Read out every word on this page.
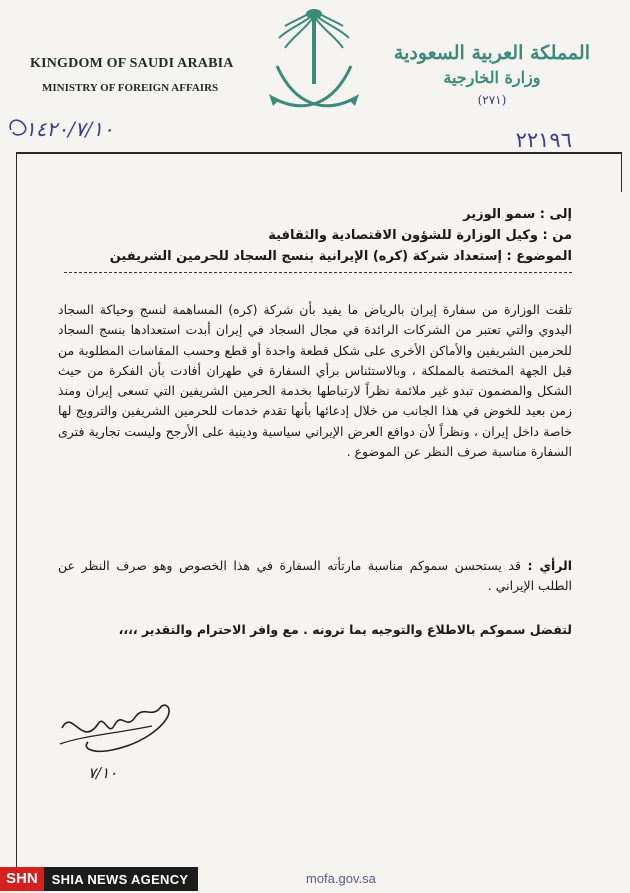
KINGDOM OF SAUDI ARABIA
MINISTRY OF FOREIGN AFFAIRS
المملكة العربية السعودية
وزارة الخارجية
(٢٧١)
٢٢١٩٦
١٤٢٠/٧/١٠
إلى : سمو الوزير
من : وكيل الوزارة للشؤون الاقتصادية والثقافية
الموضوع : إستعداد شركة (كره) الإيرانية بنسج السجاد للحرمين الشريفين
تلقت الوزارة من سفارة إيران بالرياض ما يفيد بأن شركة (كره) المساهمة لنسج وحياكة السجاد اليدوي والتي تعتبر من الشركات الرائدة في مجال السجاد في إيران أبدت استعدادها بنسج السجاد للحرمين الشريفين والأماكن الأخرى على شكل قطعة واحدة أو قطع وحسب المقاسات المطلوبة من قبل الجهة المختصة بالمملكة ، وبالاستئناس برأي السفارة في طهران أفادت بأن الفكرة من حيث الشكل والمضمون تبدو غير ملائمة نظراً لارتباطها بخدمة الحرمين الشريفين التي تسعى إيران ومنذ زمن بعيد للخوض في هذا الجانب من خلال إدعائها بأنها تقدم خدمات للحرمين الشريفين والترويج لها خاصة داخل إيران ، ونظراً لأن دوافع العرض الإيراني سياسية ودينية على الأرجح وليست تجارية فترى السفارة مناسبة صرف النظر عن الموضوع .
الرأي : قد يستحسن سموكم مناسبة مارتأته السفارة في هذا الخصوص وهو صرف النظر عن الطلب الإيراني .
لتفضل سموكم بالاطلاع والتوجيه بما ترونه . مع وافر الاحترام والتقدير ،،،،
٧/١٠
SHN	SHIA NEWS AGENCY	mofa.gov.sa
